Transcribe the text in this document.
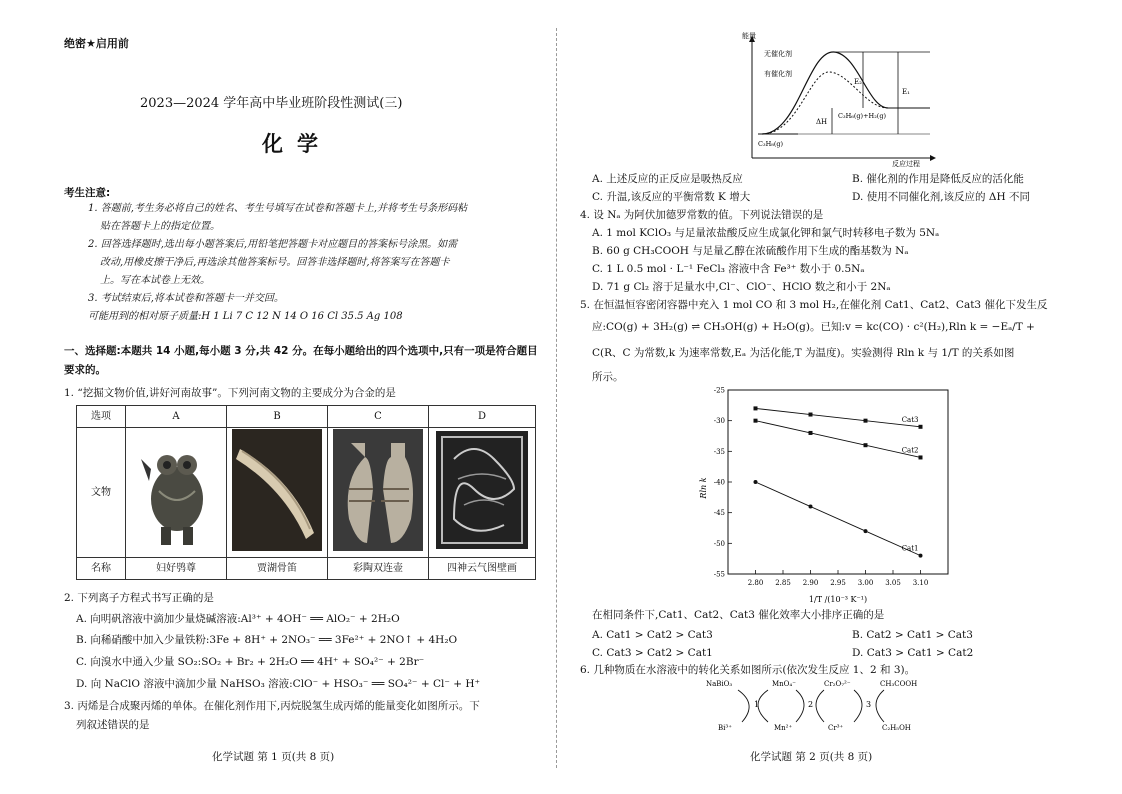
绝密★启用前
2023—2024 学年高中毕业班阶段性测试(三)
化学
考生注意:
1. 答题前,考生务必将自己的姓名、考生号填写在试卷和答题卡上,并将考生号条形码粘
贴在答题卡上的指定位置。
2. 回答选择题时,选出每小题答案后,用铅笔把答题卡对应题目的答案标号涂黑。如需
改动,用橡皮擦干净后,再选涂其他答案标号。回答非选择题时,将答案写在答题卡
上。写在本试卷上无效。
3. 考试结束后,将本试卷和答题卡一并交回。
可能用到的相对原子质量:H 1 Li 7 C 12 N 14 O 16 Cl 35.5 Ag 108
一、选择题:本题共 14 小题,每小题 3 分,共 42 分。在每小题给出的四个选项中,只有一项是符合题目要求的。
1. “挖掘文物价值,讲好河南故事”。下列河南文物的主要成分为合金的是
选项	A	B	C	D
文物				
名称	妇好鸮尊	贾湖骨笛	彩陶双连壶	四神云气图壁画
2. 下列离子方程式书写正确的是
A. 向明矾溶液中滴加少量烧碱溶液:Al³⁺ + 4OH⁻ ══ AlO₂⁻ + 2H₂O
B. 向稀硝酸中加入少量铁粉:3Fe + 8H⁺ + 2NO₃⁻ ══ 3Fe²⁺ + 2NO↑ + 4H₂O
C. 向溴水中通入少量 SO₂:SO₂ + Br₂ + 2H₂O ══ 4H⁺ + SO₄²⁻ + 2Br⁻
D. 向 NaClO 溶液中滴加少量 NaHSO₃ 溶液:ClO⁻ + HSO₃⁻ ══ SO₄²⁻ + Cl⁻ + H⁺
3. 丙烯是合成聚丙烯的单体。在催化剂作用下,丙烷脱氢生成丙烯的能量变化如图所示。下
列叙述错误的是
化学试题 第 1 页(共 8 页)
能量
无催化剂
有催化剂
E₂
E₁
ΔH
C₃H₆(g)+H₂(g)
C₃H₈(g)
反应过程
A. 上述反应的正反应是吸热反应	B. 催化剂的作用是降低反应的活化能
C. 升温,该反应的平衡常数 K 增大	D. 使用不同催化剂,该反应的 ΔH 不同
4. 设 Nₐ 为阿伏加德罗常数的值。下列说法错误的是
A. 1 mol KClO₃ 与足量浓盐酸反应生成氯化钾和氯气时转移电子数为 5Nₐ
B. 60 g CH₃COOH 与足量乙醇在浓硫酸作用下生成的酯基数为 Nₐ
C. 1 L 0.5 mol · L⁻¹ FeCl₃ 溶液中含 Fe³⁺ 数小于 0.5Nₐ
D. 71 g Cl₂ 溶于足量水中,Cl⁻、ClO⁻、HClO 数之和小于 2Nₐ
5. 在恒温恒容密闭容器中充入 1 mol CO 和 3 mol H₂,在催化剂 Cat1、Cat2、Cat3 催化下发生反
应:CO(g) + 3H₂(g) ⇌ CH₃OH(g) + H₂O(g)。已知:v = kc(CO) · c²(H₂),Rln k = −Eₐ/T +
C(R、C 为常数,k 为速率常数,Eₐ 为活化能,T 为温度)。实验测得 Rln k 与 1/T 的关系如图
所示。
2.80 2.85 2.90 2.95 3.00 3.05 3.10
-25
-30
-35
-40
-45
-50
-55
Cat3
Cat2
Cat1
Rln k
1/T /(10⁻³ K⁻¹)
在相同条件下,Cat1、Cat2、Cat3 催化效率大小排序正确的是
A. Cat1 > Cat2 > Cat3	B. Cat2 > Cat1 > Cat3
C. Cat3 > Cat2 > Cat1	D. Cat3 > Cat1 > Cat2
6. 几种物质在水溶液中的转化关系如图所示(依次发生反应 1、2 和 3)。
NaBiO₃	MnO₄⁻	Cr₂O₇²⁻	CH₃COOH
Bi³⁺	Mn²⁺	Cr³⁺	C₂H₅OH
1	2	3
化学试题 第 2 页(共 8 页)
